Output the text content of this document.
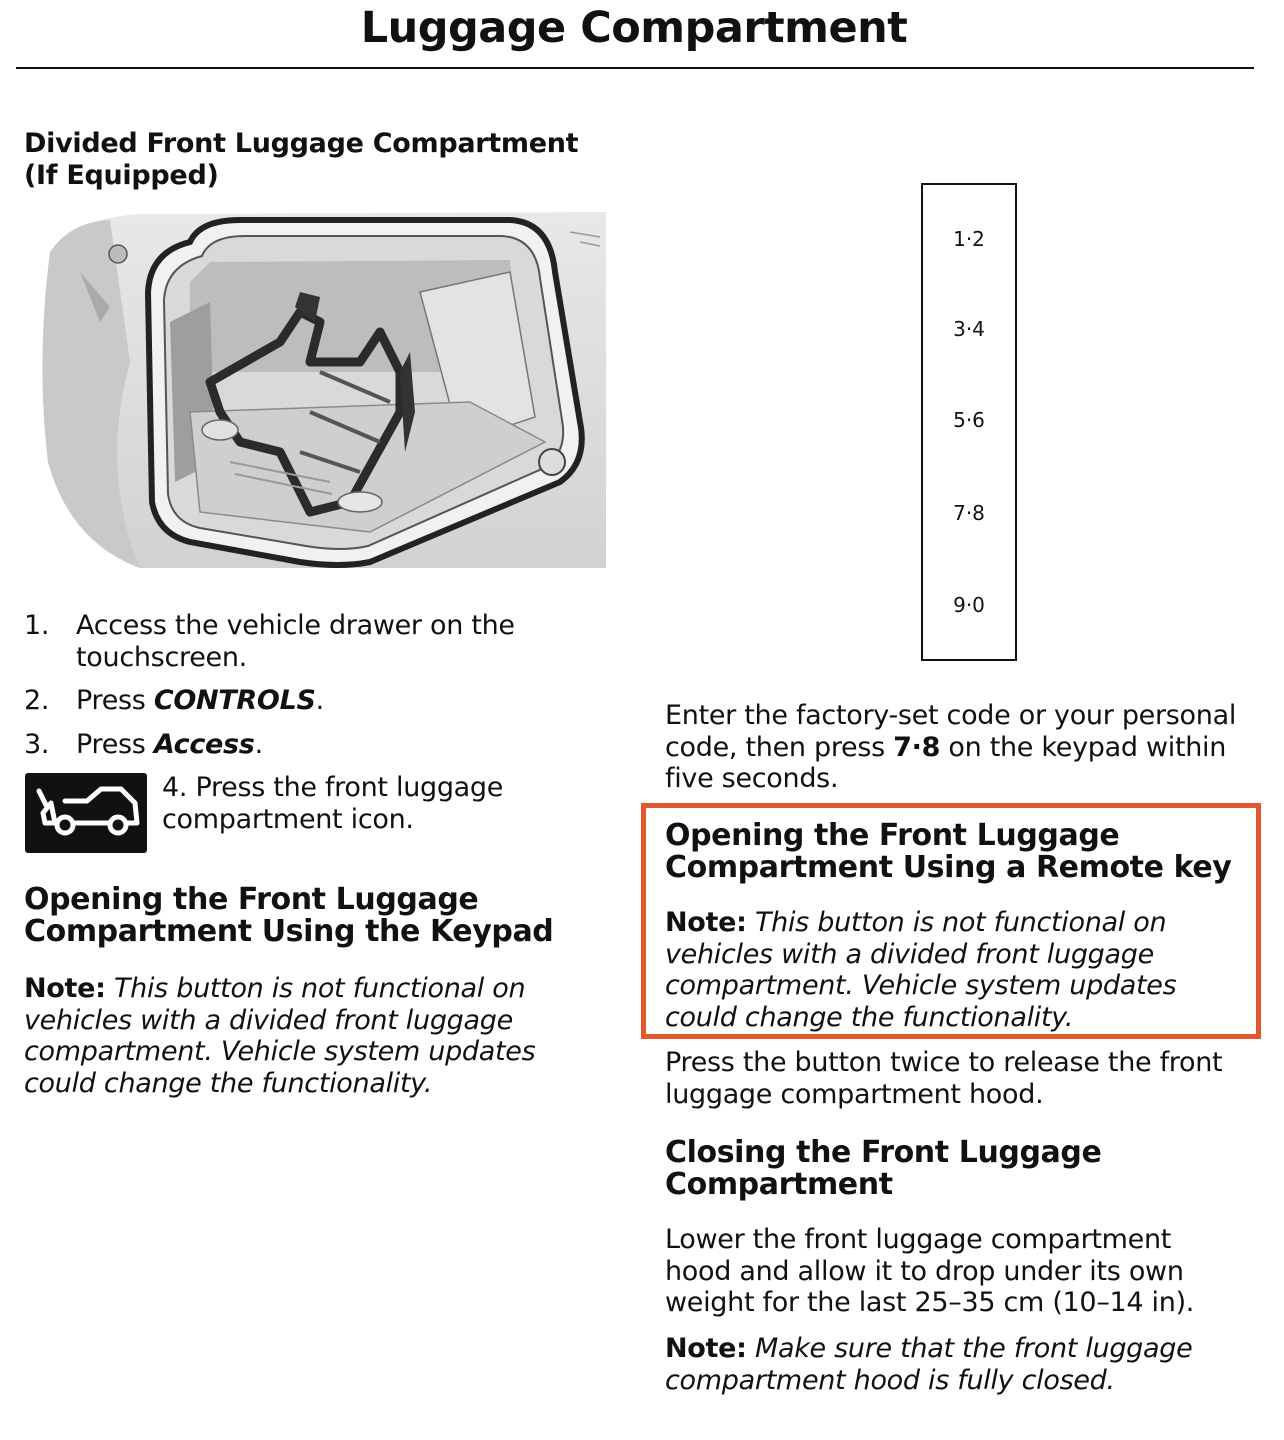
Luggage Compartment
Divided Front Luggage Compartment (If Equipped)
1. Access the vehicle drawer on the touchscreen.
2. Press CONTROLS.
3. Press Access.
4. Press the front luggage compartment icon.
Opening the Front Luggage Compartment Using the Keypad

Note: This button is not functional on vehicles with a divided front luggage compartment. Vehicle system updates could change the functionality.

1·2
3·4
5·6
7·8
9·0

Enter the factory-set code or your personal code, then press 7·8 on the keypad within five seconds.

Opening the Front Luggage Compartment Using a Remote key

Note: This button is not functional on vehicles with a divided front luggage compartment. Vehicle system updates could change the functionality.

Press the button twice to release the front luggage compartment hood.

Closing the Front Luggage Compartment

Lower the front luggage compartment hood and allow it to drop under its own weight for the last 25–35 cm (10–14 in).

Note: Make sure that the front luggage compartment hood is fully closed.
